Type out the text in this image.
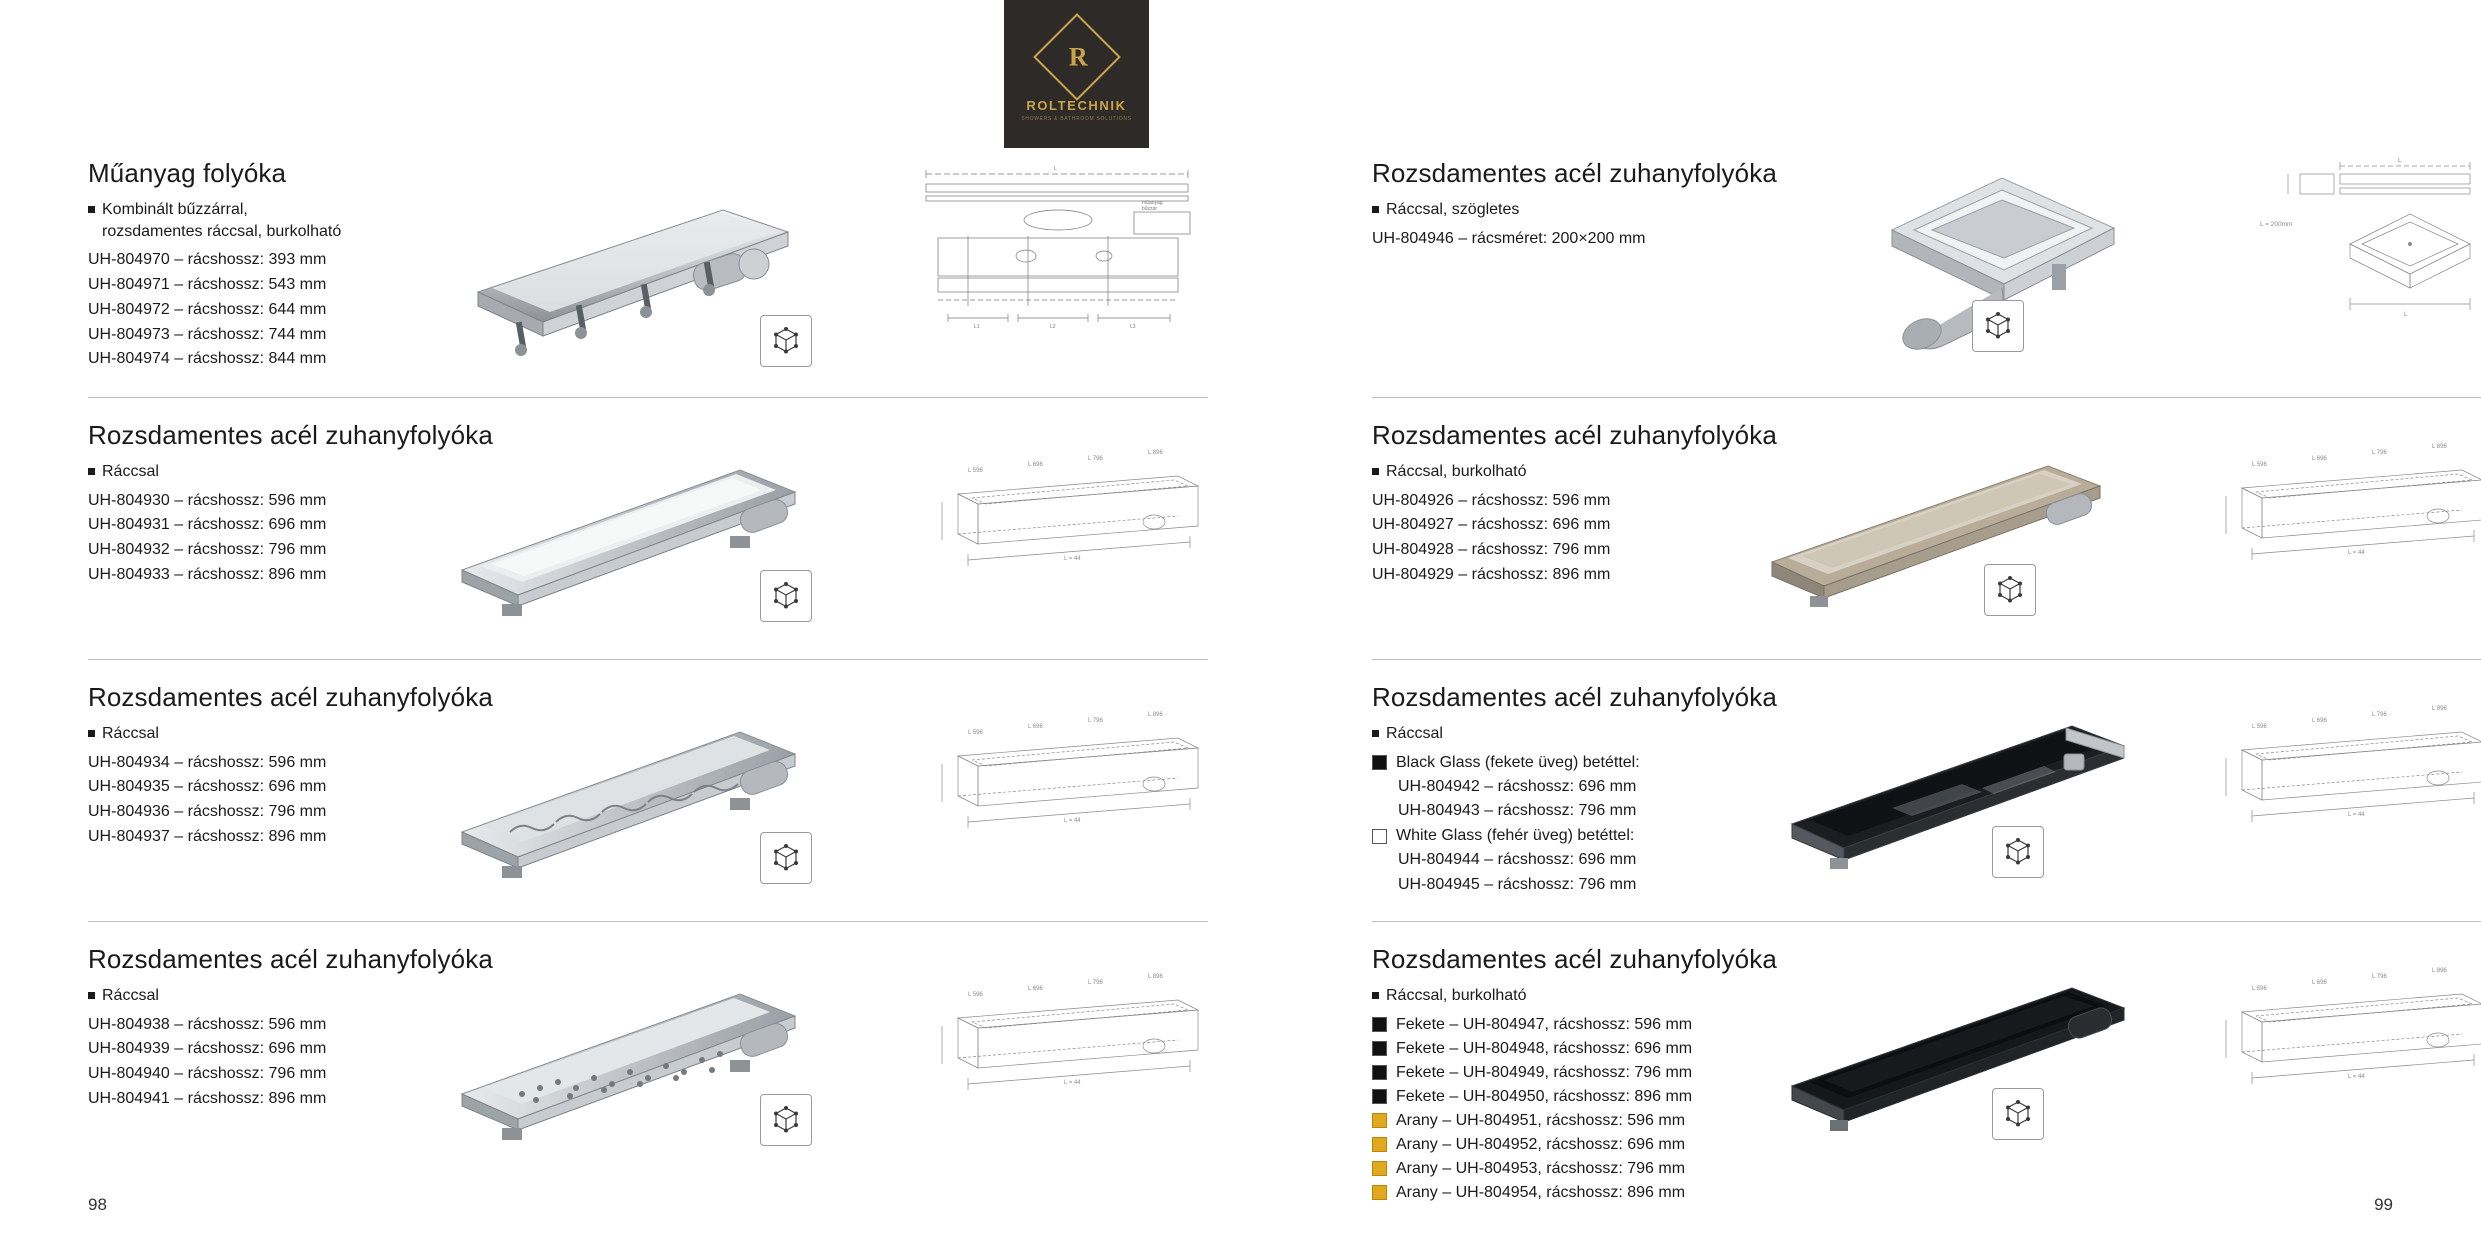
R
ROLTECHNIK
SHOWERS & BATHROOM SOLUTIONS
Műanyag folyóka
Kombinált bűzzárral,
rozsdamentes ráccsal, burkolható

UH-804970 – rácshossz: 393 mm

UH-804971 – rácshossz: 543 mm

UH-804972 – rácshossz: 644 mm

UH-804973 – rácshossz: 744 mm

UH-804974 – rácshossz: 844 mm

L
L1	L2	L3
müanyag
bűzzár
Rozsdamentes acél zuhanyfolyóka
Ráccsal

UH-804930 – rácshossz: 596 mm

UH-804931 – rácshossz: 696 mm

UH-804932 – rácshossz: 796 mm

UH-804933 – rácshossz: 896 mm

L 596
L 696
L 796
L 896
L = 44
Rozsdamentes acél zuhanyfolyóka
Ráccsal

UH-804934 – rácshossz: 596 mm

UH-804935 – rácshossz: 696 mm

UH-804936 – rácshossz: 796 mm

UH-804937 – rácshossz: 896 mm

L 596
L 696
L 796
L 896
L = 44
Rozsdamentes acél zuhanyfolyóka
Ráccsal

UH-804938 – rácshossz: 596 mm

UH-804939 – rácshossz: 696 mm

UH-804940 – rácshossz: 796 mm

UH-804941 – rácshossz: 896 mm

L 596
L 696
L 796
L 896
L = 44
Rozsdamentes acél zuhanyfolyóka
Ráccsal, szögletes

UH-804946 – rácsméret: 200×200 mm

L
L = 200mm
L
Rozsdamentes acél zuhanyfolyóka
Ráccsal, burkolható

UH-804926 – rácshossz: 596 mm

UH-804927 – rácshossz: 696 mm

UH-804928 – rácshossz: 796 mm

UH-804929 – rácshossz: 896 mm

L 596
L 696
L 796
L 896
L = 44
Rozsdamentes acél zuhanyfolyóka
Ráccsal

Black Glass (fekete üveg) betéttel:

UH-804942 – rácshossz: 696 mm

UH-804943 – rácshossz: 796 mm

White Glass (fehér üveg) betéttel:

UH-804944 – rácshossz: 696 mm

UH-804945 – rácshossz: 796 mm

L 596
L 696
L 796
L 896
L = 44
Rozsdamentes acél zuhanyfolyóka
Ráccsal, burkolható

Fekete – UH-804947, rácshossz: 596 mm

Fekete – UH-804948, rácshossz: 696 mm

Fekete – UH-804949, rácshossz: 796 mm

Fekete – UH-804950, rácshossz: 896 mm

Arany – UH-804951, rácshossz: 596 mm

Arany – UH-804952, rácshossz: 696 mm

Arany – UH-804953, rácshossz: 796 mm

Arany – UH-804954, rácshossz: 896 mm

L 596
L 696
L 796
L 896
L = 44
98	99
